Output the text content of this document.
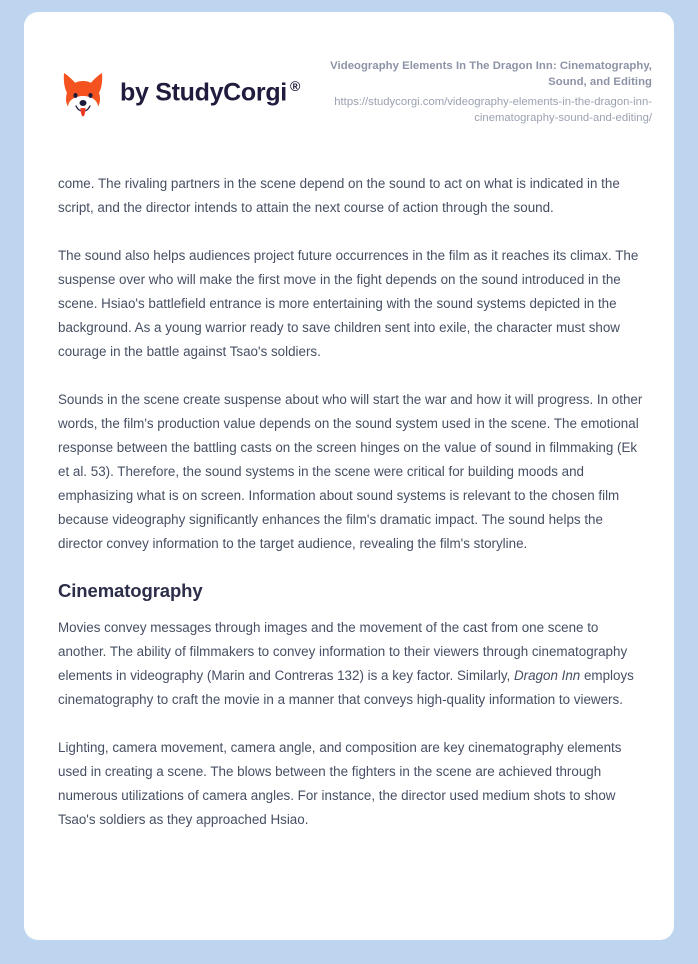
by StudyCorgi ®
Videography Elements In The Dragon Inn: Cinematography, Sound, and Editing
https://studycorgi.com/videography-elements-in-the-dragon-inn-cinematography-sound-and-editing/

come. The rivaling partners in the scene depend on the sound to act on what is indicated in the script, and the director intends to attain the next course of action through the sound.

The sound also helps audiences project future occurrences in the film as it reaches its climax. The suspense over who will make the first move in the fight depends on the sound introduced in the scene. Hsiao's battlefield entrance is more entertaining with the sound systems depicted in the background. As a young warrior ready to save children sent into exile, the character must show courage in the battle against Tsao's soldiers.

Sounds in the scene create suspense about who will start the war and how it will progress. In other words, the film's production value depends on the sound system used in the scene. The emotional response between the battling casts on the screen hinges on the value of sound in filmmaking (Ek et al. 53). Therefore, the sound systems in the scene were critical for building moods and emphasizing what is on screen. Information about sound systems is relevant to the chosen film because videography significantly enhances the film's dramatic impact. The sound helps the director convey information to the target audience, revealing the film's storyline.

Cinematography

Movies convey messages through images and the movement of the cast from one scene to another. The ability of filmmakers to convey information to their viewers through cinematography elements in videography (Marin and Contreras 132) is a key factor. Similarly, Dragon Inn employs cinematography to craft the movie in a manner that conveys high-quality information to viewers.

Lighting, camera movement, camera angle, and composition are key cinematography elements used in creating a scene. The blows between the fighters in the scene are achieved through numerous utilizations of camera angles. For instance, the director used medium shots to show Tsao's soldiers as they approached Hsiao.
